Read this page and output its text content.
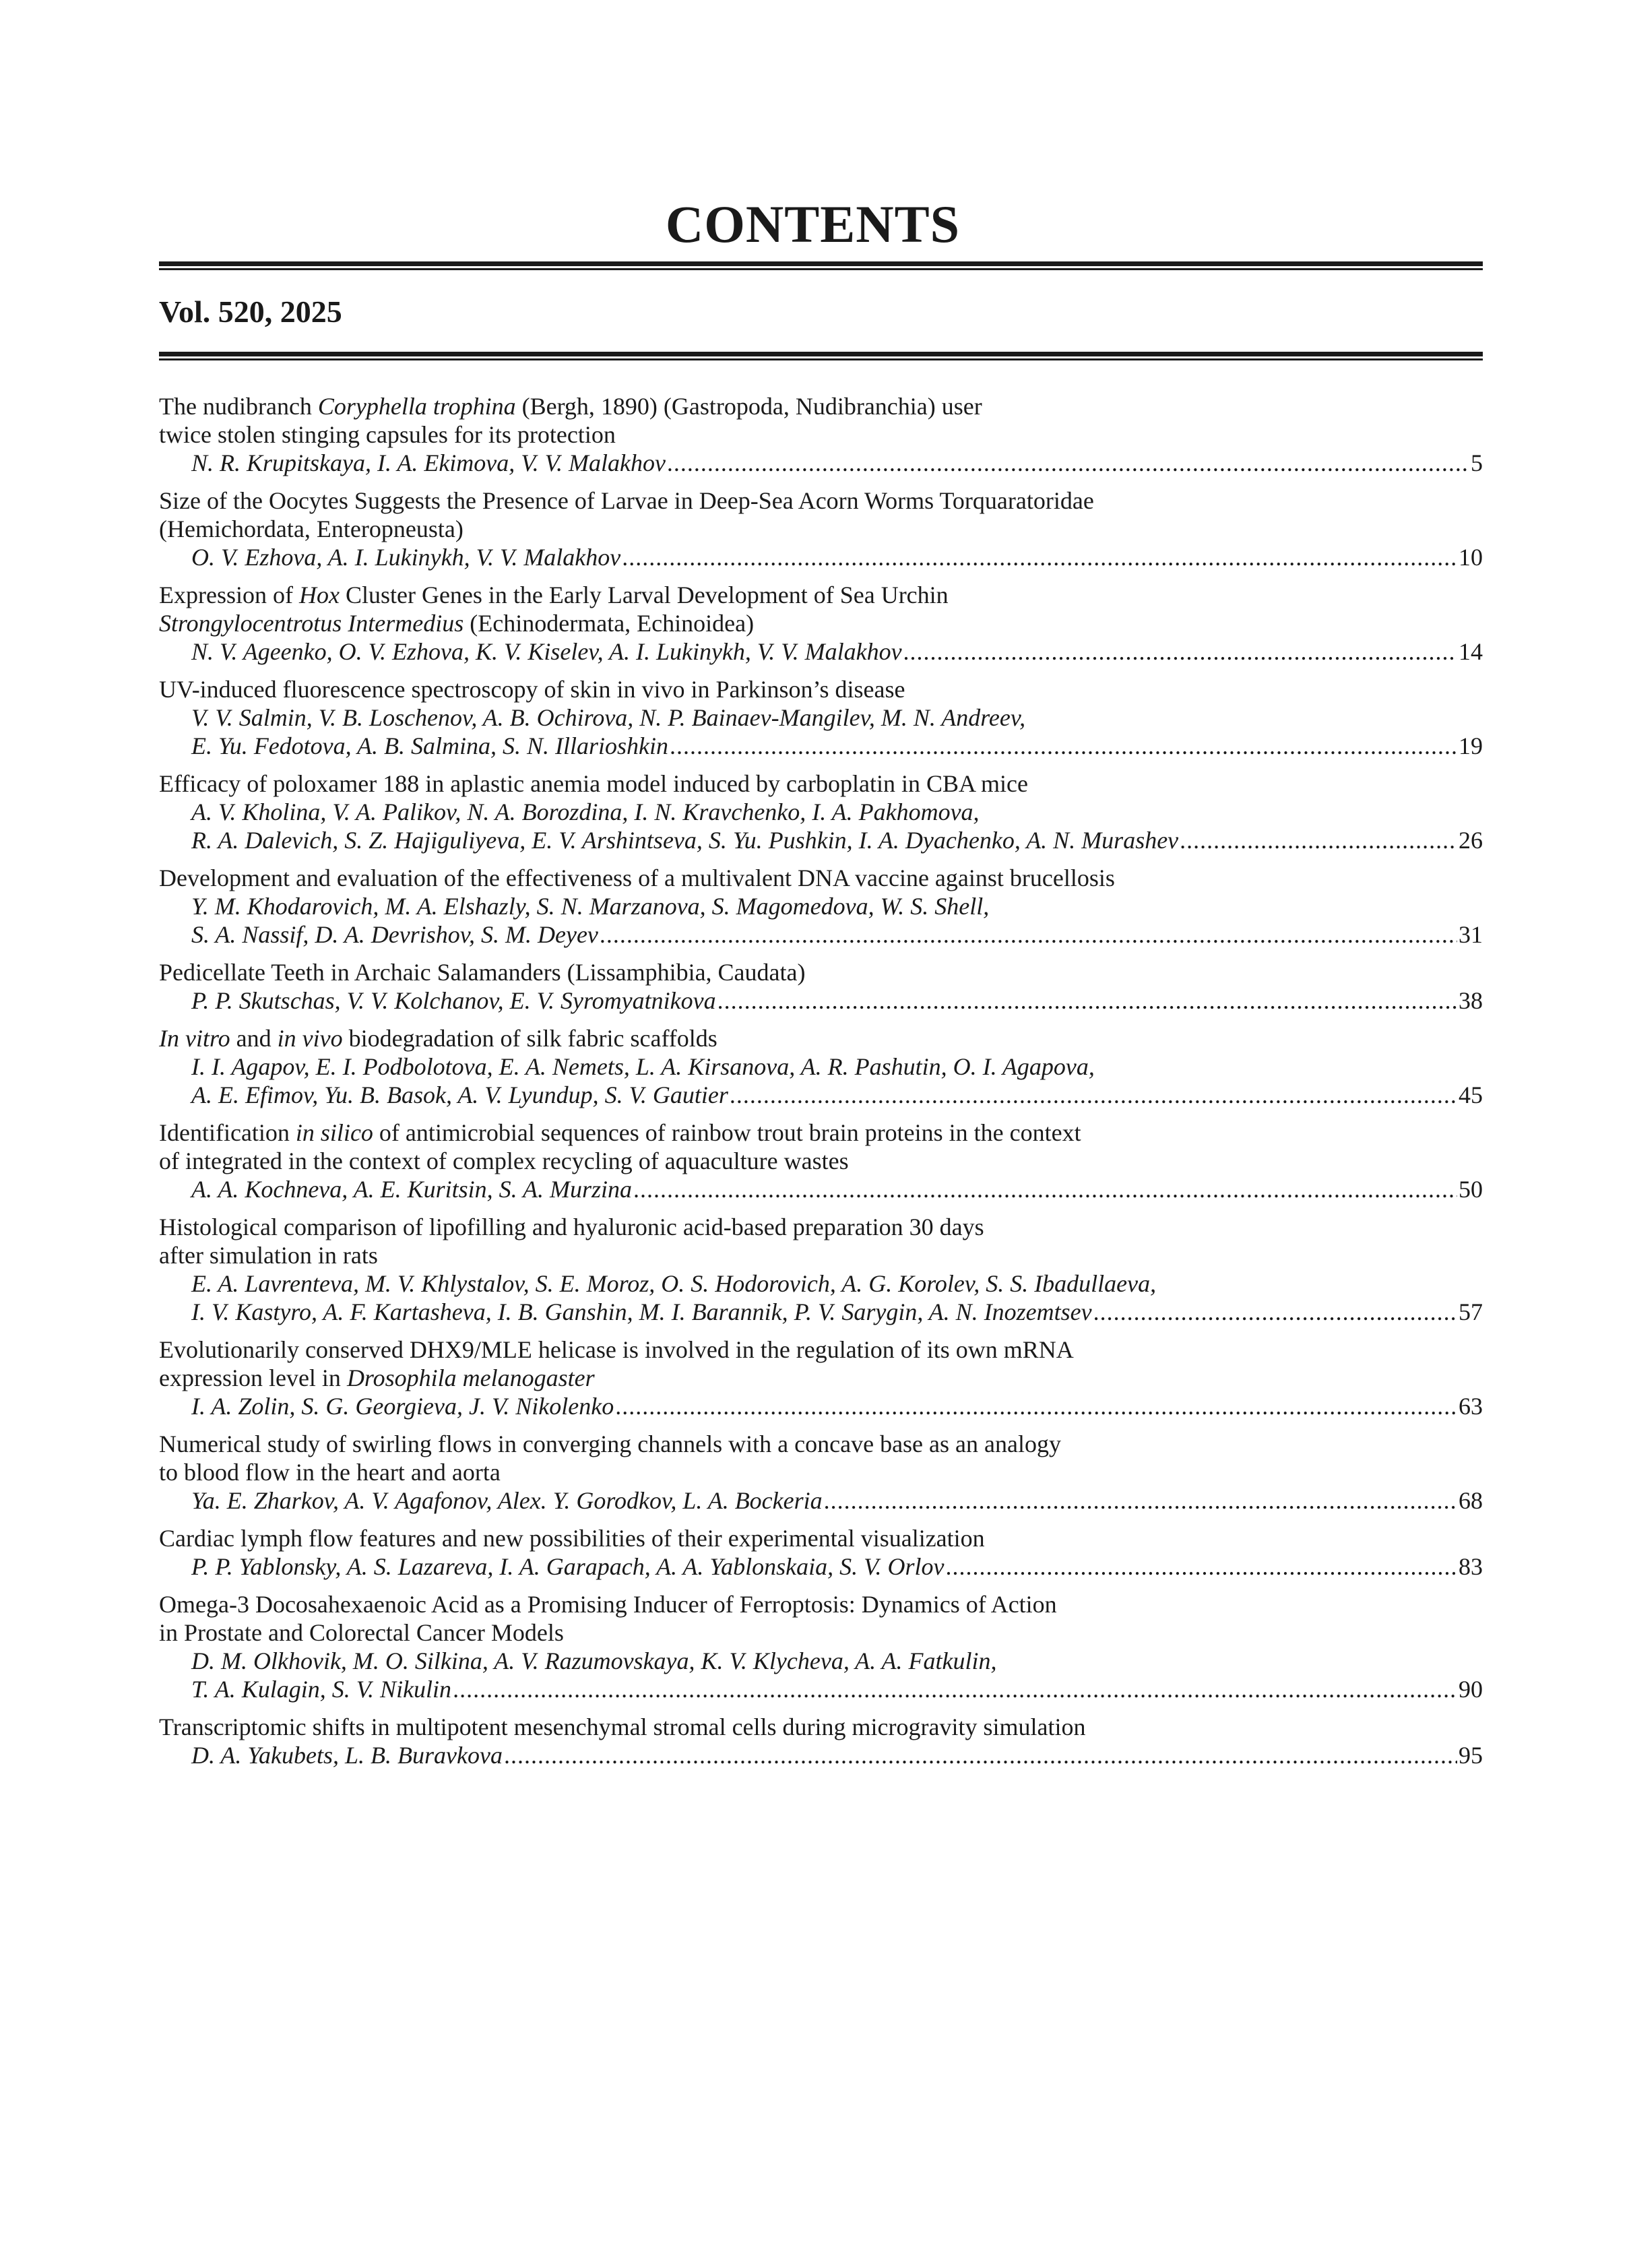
CONTENTS
Vol. 520, 2025
The nudibranch Coryphella trophina (Bergh, 1890) (Gastropoda, Nudibranchia) user
twice stolen stinging capsules for its protection
N. R. Krupitskaya, I. A. Ekimova, V. V. Malakhov .....	5
Size of the Oocytes Suggests the Presence of Larvae in Deep-Sea Acorn Worms Torquaratoridae
(Hemichordata, Enteropneusta)
O. V. Ezhova, A. I. Lukinykh, V. V. Malakhov .....	10
Expression of Hox Cluster Genes in the Early Larval Development of Sea Urchin
Strongylocentrotus Intermedius (Echinodermata, Echinoidea)
N. V. Ageenko, O. V. Ezhova, K. V. Kiselev, A. I. Lukinykh, V. V. Malakhov .....	14
UV-induced fluorescence spectroscopy of skin in vivo in Parkinson’s disease
V. V. Salmin, V. B. Loschenov, A. B. Ochirova, N. P. Bainaev-Mangilev, M. N. Andreev,
E. Yu. Fedotova, A. B. Salmina, S. N. Illarioshkin .....	19
Efficacy of poloxamer 188 in aplastic anemia model induced by carboplatin in CBA mice
A. V. Kholina, V. A. Palikov, N. A. Borozdina, I. N. Kravchenko, I. A. Pakhomova,
R. A. Dalevich, S. Z. Hajiguliyeva, E. V. Arshintseva, S. Yu. Pushkin, I. A. Dyachenko, A. N. Murashev .....	26
Development and evaluation of the effectiveness of a multivalent DNA vaccine against brucellosis
Y. M. Khodarovich, M. A. Elshazly, S. N. Marzanova, S. Magomedova, W. S. Shell,
S. A. Nassif, D. A. Devrishov, S. M. Deyev .....	31
Pedicellate Teeth in Archaic Salamanders (Lissamphibia, Caudata)
P. P. Skutschas, V. V. Kolchanov, E. V. Syromyatnikova .....	38
In vitro and in vivo biodegradation of silk fabric scaffolds
I. I. Agapov, E. I. Podbolotova, E. A. Nemets, L. A. Kirsanova, A. R. Pashutin, O. I. Agapova,
A. E. Efimov, Yu. B. Basok, A. V. Lyundup, S. V. Gautier .....	45
Identification in silico of antimicrobial sequences of rainbow trout brain proteins in the context
of integrated in the context of complex recycling of aquaculture wastes
A. A. Kochneva, A. E. Kuritsin, S. A. Murzina .....	50
Histological comparison of lipofilling and hyaluronic acid-based preparation 30 days
after simulation in rats
E. A. Lavrenteva, M. V. Khlystalov, S. E. Moroz, O. S. Hodorovich, A. G. Korolev, S. S. Ibadullaeva,
I. V. Kastyro, A. F. Kartasheva, I. B. Ganshin, M. I. Barannik, P. V. Sarygin, A. N. Inozemtsev .....	57
Evolutionarily conserved DHX9/MLE helicase is involved in the regulation of its own mRNA
expression level in Drosophila melanogaster
I. A. Zolin, S. G. Georgieva, J. V. Nikolenko .....	63
Numerical study of swirling flows in converging channels with a concave base as an analogy
to blood flow in the heart and aorta
Ya. E. Zharkov, A. V. Agafonov, Alex. Y. Gorodkov, L. A. Bockeria .....	68
Cardiac lymph flow features and new possibilities of their experimental visualization
P. P. Yablonsky, A. S. Lazareva, I. A. Garapach, A. A. Yablonskaia, S. V. Orlov .....	83
Omega-3 Docosahexaenoic Acid as a Promising Inducer of Ferroptosis: Dynamics of Action
in Prostate and Colorectal Cancer Models
D. M. Olkhovik, M. O. Silkina, A. V. Razumovskaya, K. V. Klycheva, A. A. Fatkulin,
T. A. Kulagin, S. V. Nikulin .....	90
Transcriptomic shifts in multipotent mesenchymal stromal cells during microgravity simulation
D. A. Yakubets, L. B. Buravkova .....	95
